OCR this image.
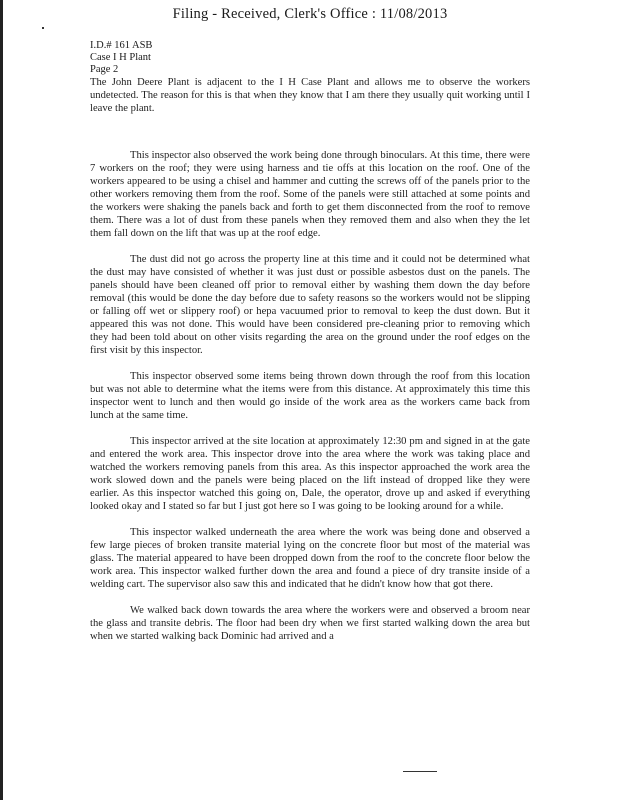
Filing - Received, Clerk's Office : 11/08/2013
I.D.# 161 ASB
Case I H Plant
Page 2

The John Deere Plant is adjacent to the I H Case Plant and allows me to observe the workers undetected. The reason for this is that when they know that I am there they usually quit working until I leave the plant.

This inspector also observed the work being done through binoculars. At this time, there were 7 workers on the roof; they were using harness and tie offs at this location on the roof. One of the workers appeared to be using a chisel and hammer and cutting the screws off of the panels prior to the other workers removing them from the roof. Some of the panels were still attached at some points and the workers were shaking the panels back and forth to get them disconnected from the roof to remove them. There was a lot of dust from these panels when they removed them and also when they the let them fall down on the lift that was up at the roof edge.

The dust did not go across the property line at this time and it could not be determined what the dust may have consisted of whether it was just dust or possible asbestos dust on the panels. The panels should have been cleaned off prior to removal either by washing them down the day before removal (this would be done the day before due to safety reasons so the workers would not be slipping or falling off wet or slippery roof) or hepa vacuumed prior to removal to keep the dust down. But it appeared this was not done. This would have been considered pre-cleaning prior to removing which they had been told about on other visits regarding the area on the ground under the roof edges on the first visit by this inspector.

This inspector observed some items being thrown down through the roof from this location but was not able to determine what the items were from this distance. At approximately this time this inspector went to lunch and then would go inside of the work area as the workers came back from lunch at the same time.

This inspector arrived at the site location at approximately 12:30 pm and signed in at the gate and entered the work area. This inspector drove into the area where the work was taking place and watched the workers removing panels from this area. As this inspector approached the work area the work slowed down and the panels were being placed on the lift instead of dropped like they were earlier. As this inspector watched this going on, Dale, the operator, drove up and asked if everything looked okay and I stated so far but I just got here so I was going to be looking around for a while.

This inspector walked underneath the area where the work was being done and observed a few large pieces of broken transite material lying on the concrete floor but most of the material was glass. The material appeared to have been dropped down from the roof to the concrete floor below the work area. This inspector walked further down the area and found a piece of dry transite inside of a welding cart. The supervisor also saw this and indicated that he didn't know how that got there.

We walked back down towards the area where the workers were and observed a broom near the glass and transite debris. The floor had been dry when we first started walking down the area but when we started walking back Dominic had arrived and a
